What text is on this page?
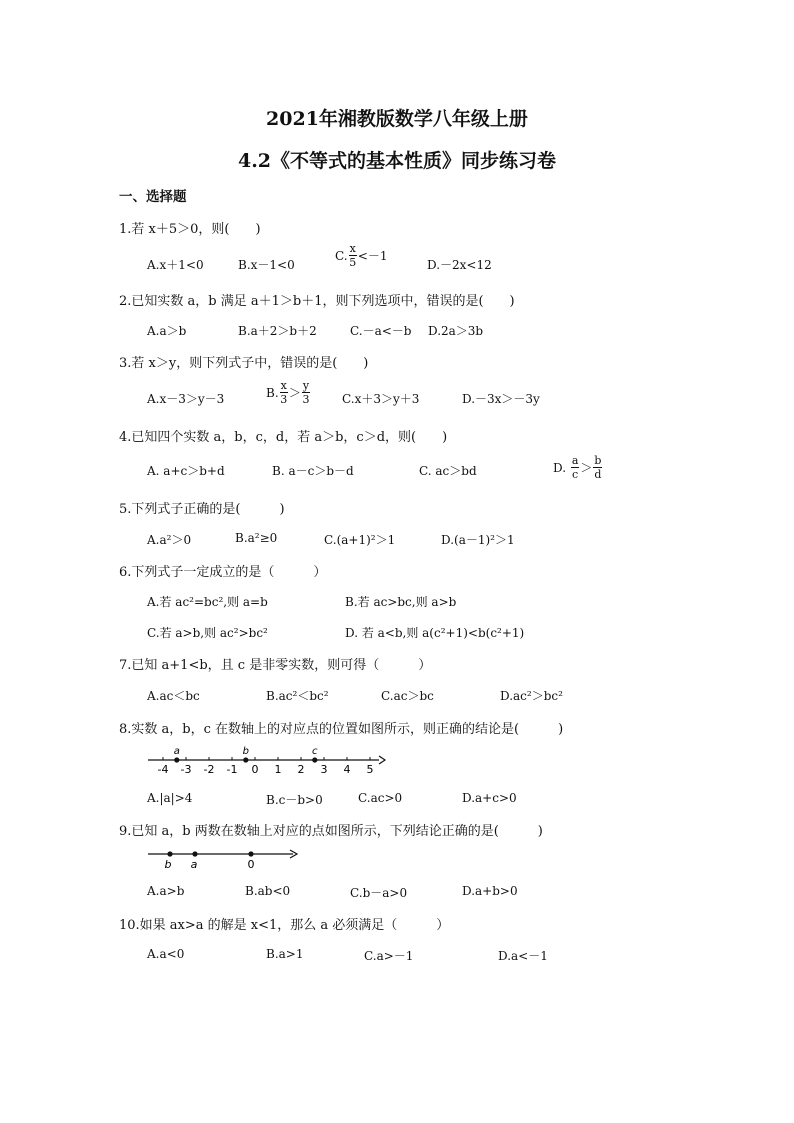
2021年湘教版数学八年级上册
4.2《不等式的基本性质》同步练习卷
一、选择题
1.若 x＋5＞0，则(　　)
A.x＋1<0	B.x－1<0
C. $\frac{x}{5} <-1$
D.－2x<12
2.已知实数 a，b 满足 a＋1＞b＋1，则下列选项中，错误的是(　　)
A.a＞b	B.a＋2＞b＋2	C.－a<－b D.2a＞3b
3.若 x＞y，则下列式子中，错误的是(　　)
A.x－3＞y－3	B. $\frac{x}{3} > \frac{y}{3}$	C.x＋3＞y＋3	D.－3x＞－3y
4.已知四个实数 a，b，c，d，若 a＞b，c＞d，则(　　)
A. a+c＞b+d	B. a－c＞b－d	C. ac＞bd	D. $\frac{a}{c} > \frac{b}{d}$
5.下列式子正确的是(　　　)
A.a²＞0	B.a²≥0	C.(a+1)²＞1	D.(a－1)²＞1
6.下列式子一定成立的是（　　　）
A.若 ac²=bc²,则 a=b	B.若 ac>bc,则 a>b
C.若 a>b,则 ac²>bc²	D. 若 a<b,则 a(c²+1)<b(c²+1)
7.已知 a+1<b，且 c 是非零实数，则可得（　　　）
A.ac＜bc	B.ac²＜bc²	C.ac＞bc	D.ac²＞bc²
8.实数 a，b，c 在数轴上的对应点的位置如图所示，则正确的结论是(　　　)
-4 -3 -2 -1 0 1 2 3 4 5
a	b	c
A.|a|>4	B.c－b>0	C.ac>0	D.a+c>0
9.已知 a，b 两数在数轴上对应的点如图所示，下列结论正确的是(　　　)
b a	0
A.a>b	B.ab<0	C.b－a>0	D.a+b>0
10.如果 ax>a 的解是 x<1，那么 a 必须满足（　　　）
A.a<0	B.a>1	C.a>－1	D.a<－1
